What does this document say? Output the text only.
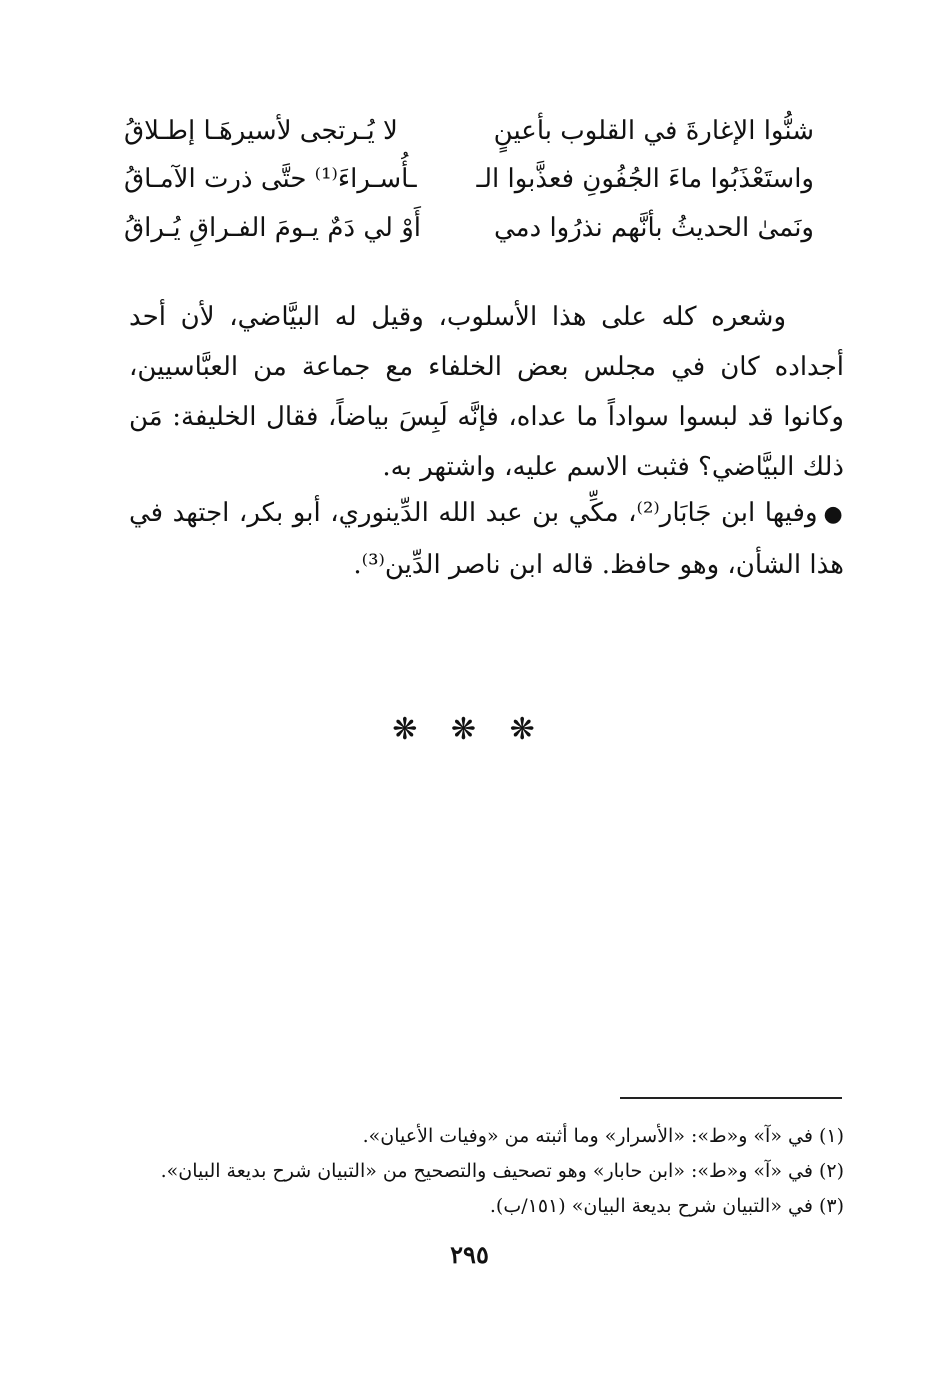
شنُّوا الإغارةَ في القلوب بأعينٍ
لا يُـرتجى لأسيرهَـا إطـلاقُ
واستَعْذَبُوا ماءَ الجُفُونِ فعذَّبوا الـ
ـأُسـراءَ⁽¹⁾ حتَّى ذرت الآمـاقُ
ونَمىٰ الحديثُ بأنَّهم نذرُوا دمي
أَوْ لي دَمٌ يـومَ الفـراقِ يُـراقُ

وشعره كله على هذا الأسلوب، وقيل له البيَّاضي، لأن أحد أجداده كان في مجلس بعض الخلفاء مع جماعة من العبَّاسيين، وكانوا قد لبسوا سواداً ما عداه، فإنَّه لَبِسَ بياضاً، فقال الخليفة: مَن ذلك البيَّاضي؟ فثبت الاسم عليه، واشتهر به.

●وفيها ابن جَابَار⁽²⁾، مكِّي بن عبد الله الدِّينوري، أبو بكر، اجتهد في هذا الشأن، وهو حافظ. قاله ابن ناصر الدِّين⁽³⁾.

❋ ❋ ❋
(١) في «آ» و«ط»: «الأسرار» وما أثبته من «وفيات الأعيان».
(٢) في «آ» و«ط»: «ابن حابار» وهو تصحيف والتصحيح من «التبيان شرح بديعة البيان».
(٣) في «التبيان شرح بديعة البيان» (١٥١/ب).
٢٩٥
